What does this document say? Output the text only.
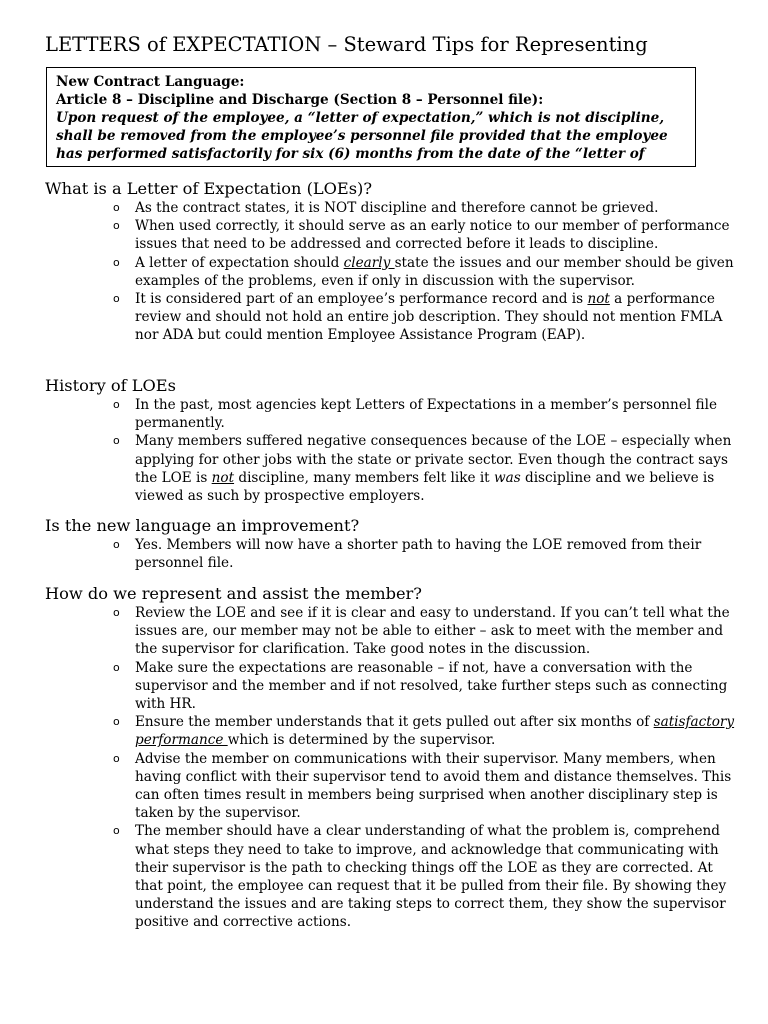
LETTERS of EXPECTATION – Steward Tips for Representing
New Contract Language:
Article 8 – Discipline and Discharge (Section 8 – Personnel file):
Upon request of the employee, a “letter of expectation,” which is not discipline, shall be removed from the employee’s personnel file provided that the employee has performed satisfactorily for six (6) months from the date of the “letter of
What is a Letter of Expectation (LOEs)?
o As the contract states, it is NOT discipline and therefore cannot be grieved.
o When used correctly, it should serve as an early notice to our member of performance issues that need to be addressed and corrected before it leads to discipline.
o A letter of expectation should clearly state the issues and our member should be given examples of the problems, even if only in discussion with the supervisor.
o It is considered part of an employee’s performance record and is not a performance review and should not hold an entire job description. They should not mention FMLA nor ADA but could mention Employee Assistance Program (EAP).
History of LOEs
o In the past, most agencies kept Letters of Expectations in a member’s personnel file permanently.
o Many members suffered negative consequences because of the LOE – especially when applying for other jobs with the state or private sector. Even though the contract says the LOE is not discipline, many members felt like it was discipline and we believe is viewed as such by prospective employers.
Is the new language an improvement?
o Yes. Members will now have a shorter path to having the LOE removed from their personnel file.
How do we represent and assist the member?
o Review the LOE and see if it is clear and easy to understand. If you can’t tell what the issues are, our member may not be able to either – ask to meet with the member and the supervisor for clarification. Take good notes in the discussion.
o Make sure the expectations are reasonable – if not, have a conversation with the supervisor and the member and if not resolved, take further steps such as connecting with HR.
o Ensure the member understands that it gets pulled out after six months of satisfactory performance which is determined by the supervisor.
o Advise the member on communications with their supervisor. Many members, when having conflict with their supervisor tend to avoid them and distance themselves. This can often times result in members being surprised when another disciplinary step is taken by the supervisor.
o The member should have a clear understanding of what the problem is, comprehend what steps they need to take to improve, and acknowledge that communicating with their supervisor is the path to checking things off the LOE as they are corrected. At that point, the employee can request that it be pulled from their file. By showing they understand the issues and are taking steps to correct them, they show the supervisor positive and corrective actions.
